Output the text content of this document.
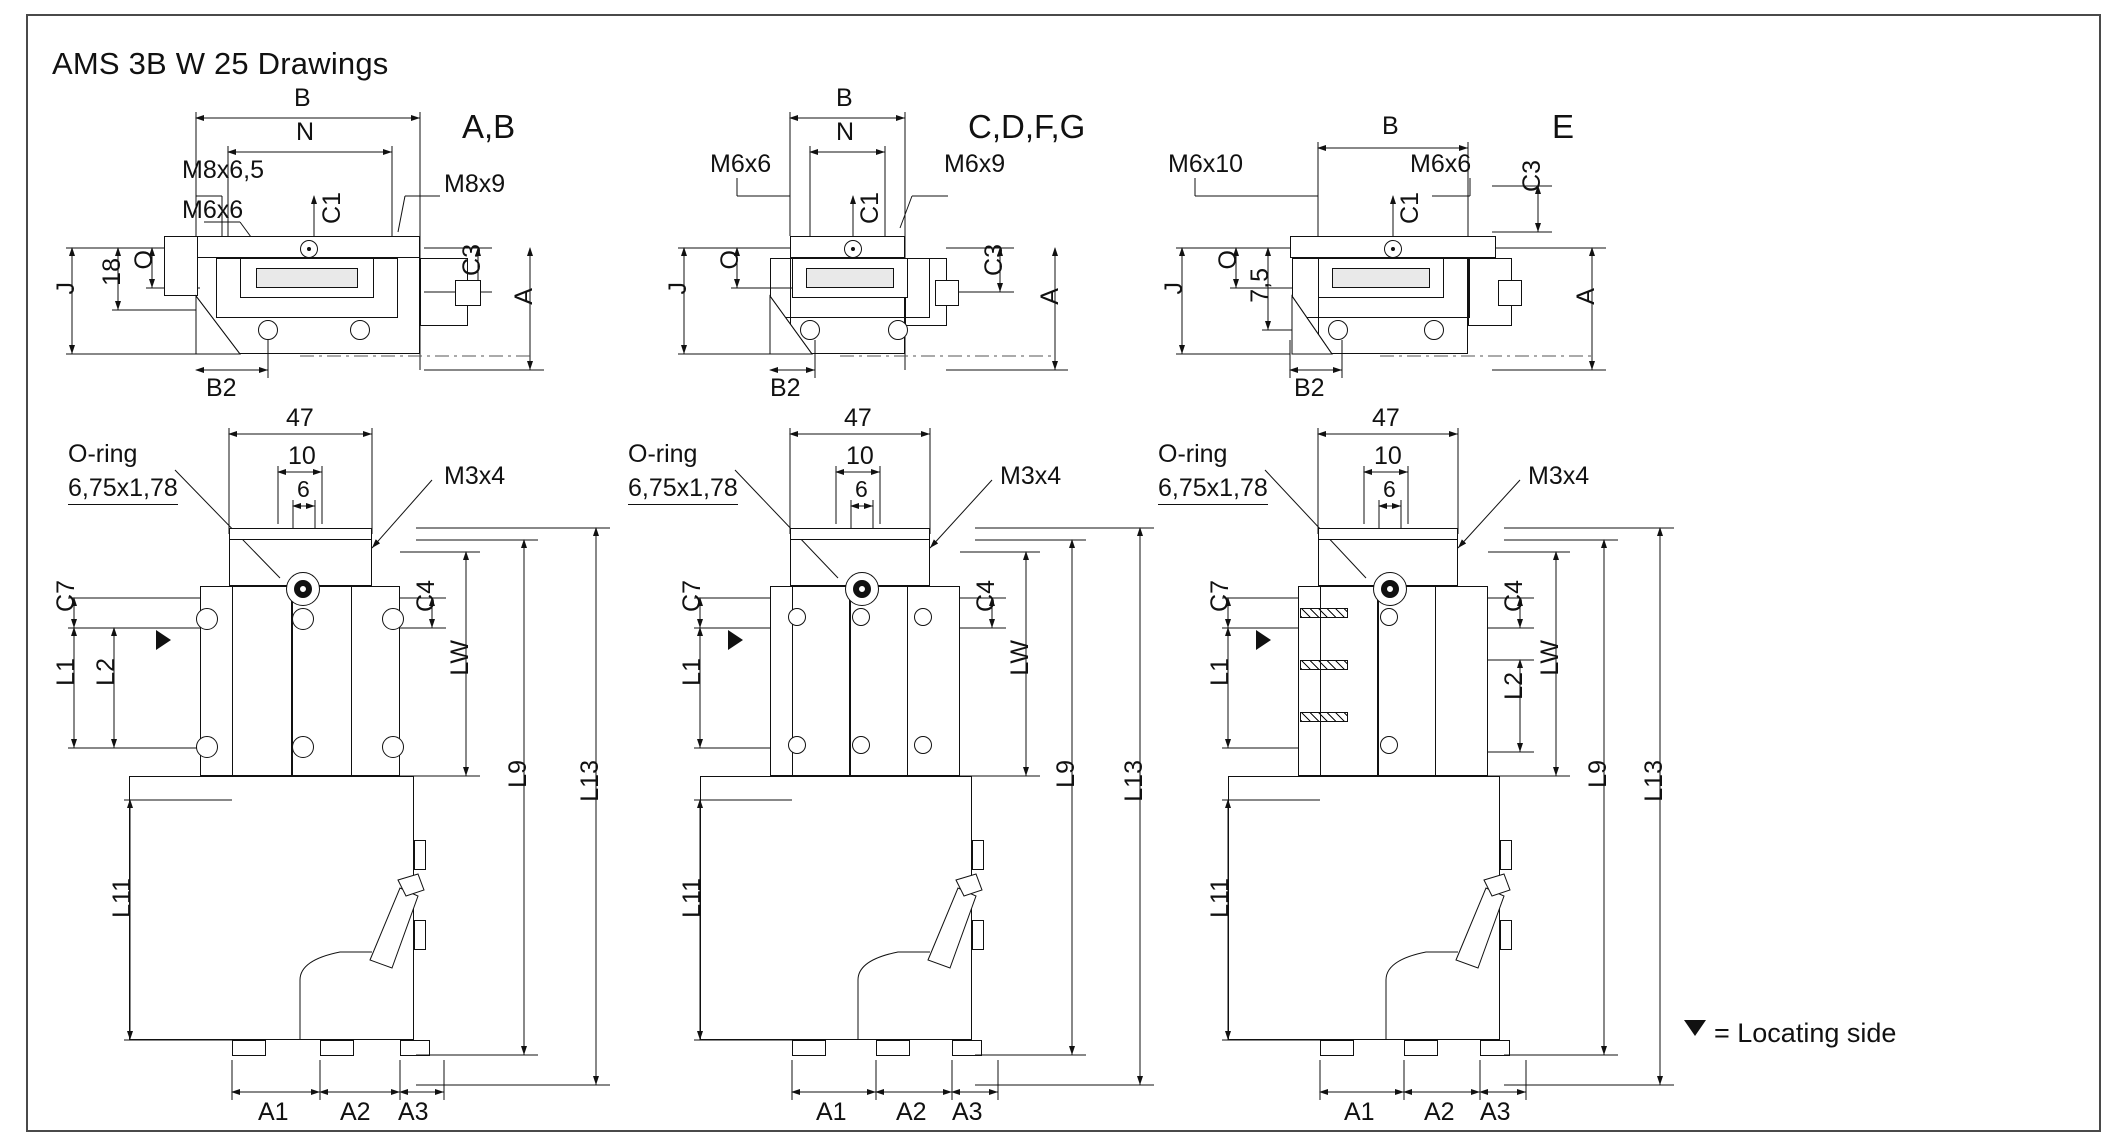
AMS 3B W 25 Drawings
A,B
B
N
M8x6,5
M6x6
M8x9
C1
J
O
18	C3
A
B2
C,D,F,G
B
N
M6x6	M6x9
C1
J
O	C3
A
B2
E
B
M6x10	M6x6
C1
C3
J
O
7,5	A
B2
O-ring
6,75x1,78	M3x4
47
10
6
C7
L1 L2
L11
C4
LW
L9 L13
A1 A2 A3
O-ring
6,75x1,78	M3x4
47
10
6
C7
L1
L11
C4
LW
L9 L13
A1 A2 A3
O-ring
6,75x1,78	M3x4
47
10
6
C7
L1
L11
C4
L2
LW
L9 L13
A1 A2 A3
= Locating side
